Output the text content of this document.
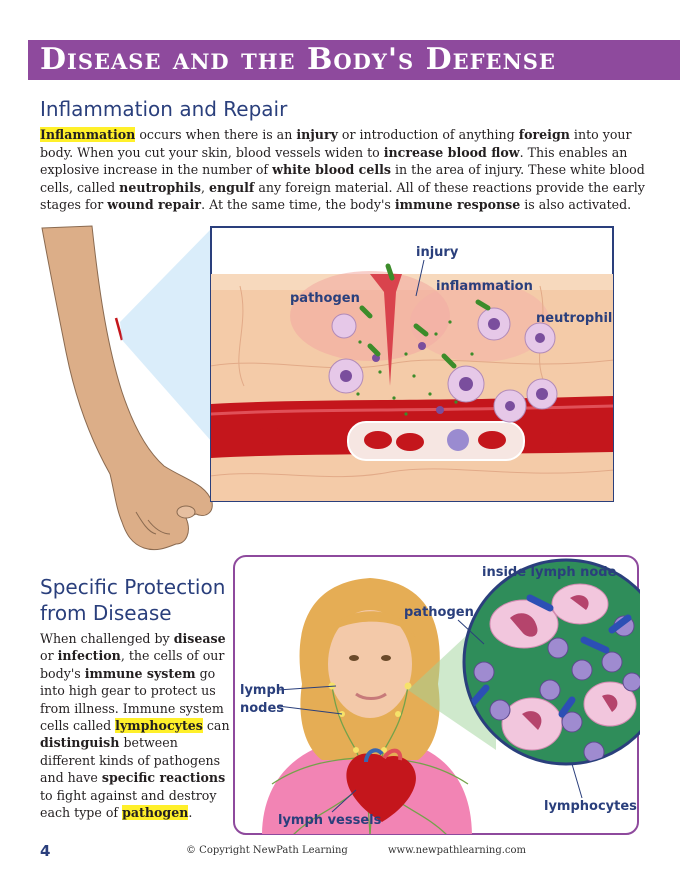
Disease and the Body's Defense
Inflammation and Repair

Inflammation occurs when there is an injury or introduction of anything foreign into your body. When you cut your skin, blood vessels widen to increase blood flow. This enables an explosive increase in the number of white blood cells in the area of injury. These white blood cells, called neutrophils, engulf any foreign material. All of these reactions provide the early stages for wound repair. At the same time, the body's immune response is also activated.

injury
pathogen
inflammation
neutrophil
Specific Protection
from Disease

When challenged by disease or infection, the cells of our body's immune system go into high gear to protect us from illness. Immune system cells called lymphocytes can distinguish between different kinds of pathogens and have specific reactions to fight against and destroy each type of pathogen.

inside lymph node
pathogen
lymph
nodes
lymph vessels
lymphocytes
4	© Copyright NewPath Learning	www.newpathlearning.com
